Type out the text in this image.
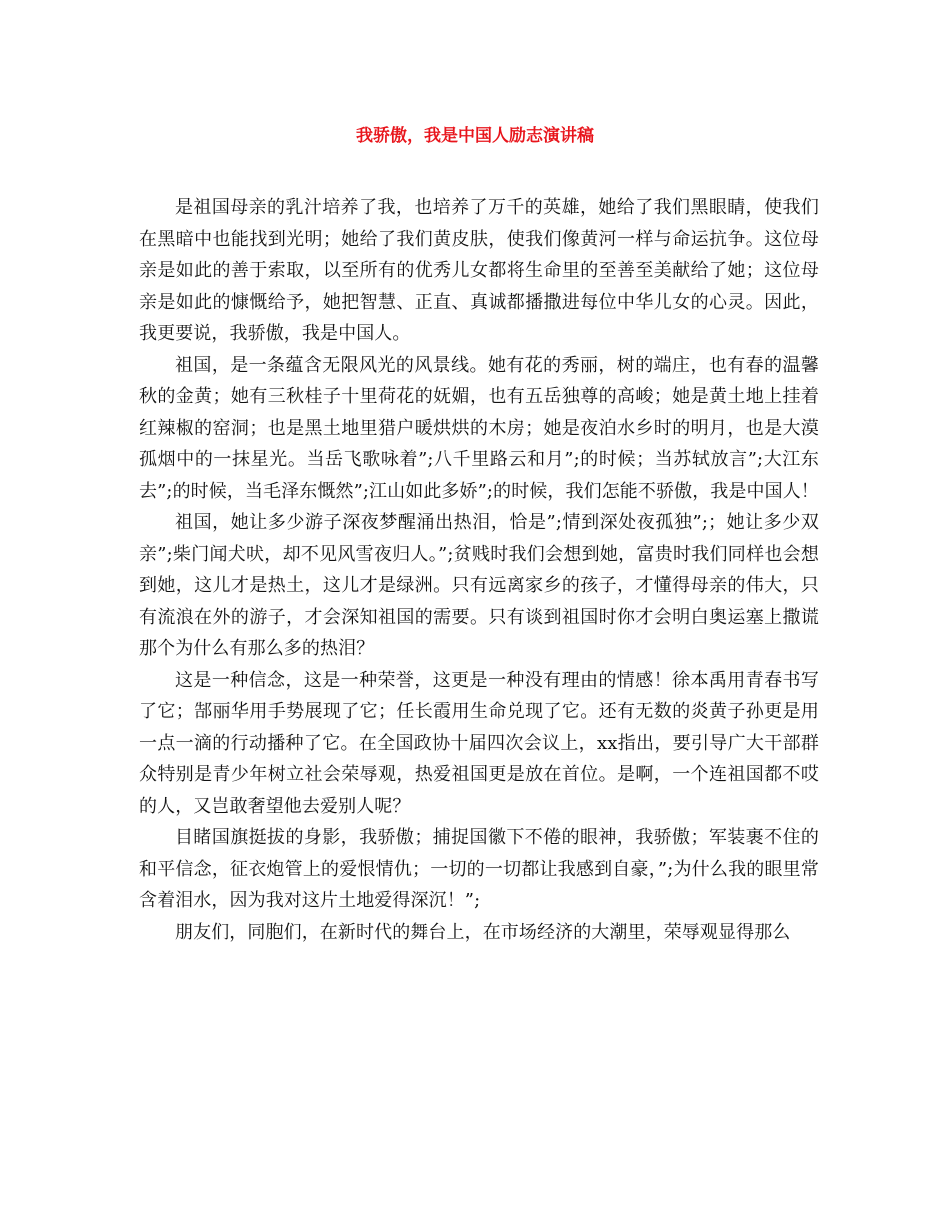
我骄傲，我是中国人励志演讲稿

是祖国母亲的乳汁培养了我，也培养了万千的英雄，她给了我们黑眼睛，使我们在黑暗中也能找到光明；她给了我们黄皮肤，使我们像黄河一样与命运抗争。这位母亲是如此的善于索取，以至所有的优秀儿女都将生命里的至善至美献给了她；这位母亲是如此的慷慨给予，她把智慧、正直、真诚都播撒进每位中华儿女的心灵。因此，我更要说，我骄傲，我是中国人。

祖国，是一条蕴含无限风光的风景线。她有花的秀丽，树的端庄，也有春的温馨秋的金黄；她有三秋桂子十里荷花的妩媚，也有五岳独尊的高峻；她是黄土地上挂着红辣椒的窑洞；也是黑土地里猎户暖烘烘的木房；她是夜泊水乡时的明月，也是大漠孤烟中的一抹星光。当岳飞歌咏着”;八千里路云和月”;的时候；当苏轼放言”;大江东去”;的时候，当毛泽东慨然”;江山如此多娇”;的时候，我们怎能不骄傲，我是中国人！

祖国，她让多少游子深夜梦醒涌出热泪，恰是”;情到深处夜孤独”;；她让多少双亲”;柴门闻犬吠，却不见风雪夜归人。”;贫贱时我们会想到她，富贵时我们同样也会想到她，这儿才是热土，这儿才是绿洲。只有远离家乡的孩子，才懂得母亲的伟大，只有流浪在外的游子，才会深知祖国的需要。只有谈到祖国时你才会明白奥运塞上撒谎那个为什么有那么多的热泪？

这是一种信念，这是一种荣誉，这更是一种没有理由的情感！徐本禹用青春书写了它；郜丽华用手势展现了它；任长霞用生命兑现了它。还有无数的炎黄子孙更是用一点一滴的行动播种了它。在全国政协十届四次会议上，xx指出，要引导广大干部群众特别是青少年树立社会荣辱观，热爱祖国更是放在首位。是啊，一个连祖国都不哎的人，又岂敢奢望他去爱别人呢？

目睹国旗挺拔的身影，我骄傲；捕捉国徽下不倦的眼神，我骄傲；军装裹不住的和平信念，征衣炮管上的爱恨情仇；一切的一切都让我感到自豪，”;为什么我的眼里常含着泪水，因为我对这片土地爱得深沉！”;

朋友们，同胞们，在新时代的舞台上，在市场经济的大潮里，荣辱观显得那么
